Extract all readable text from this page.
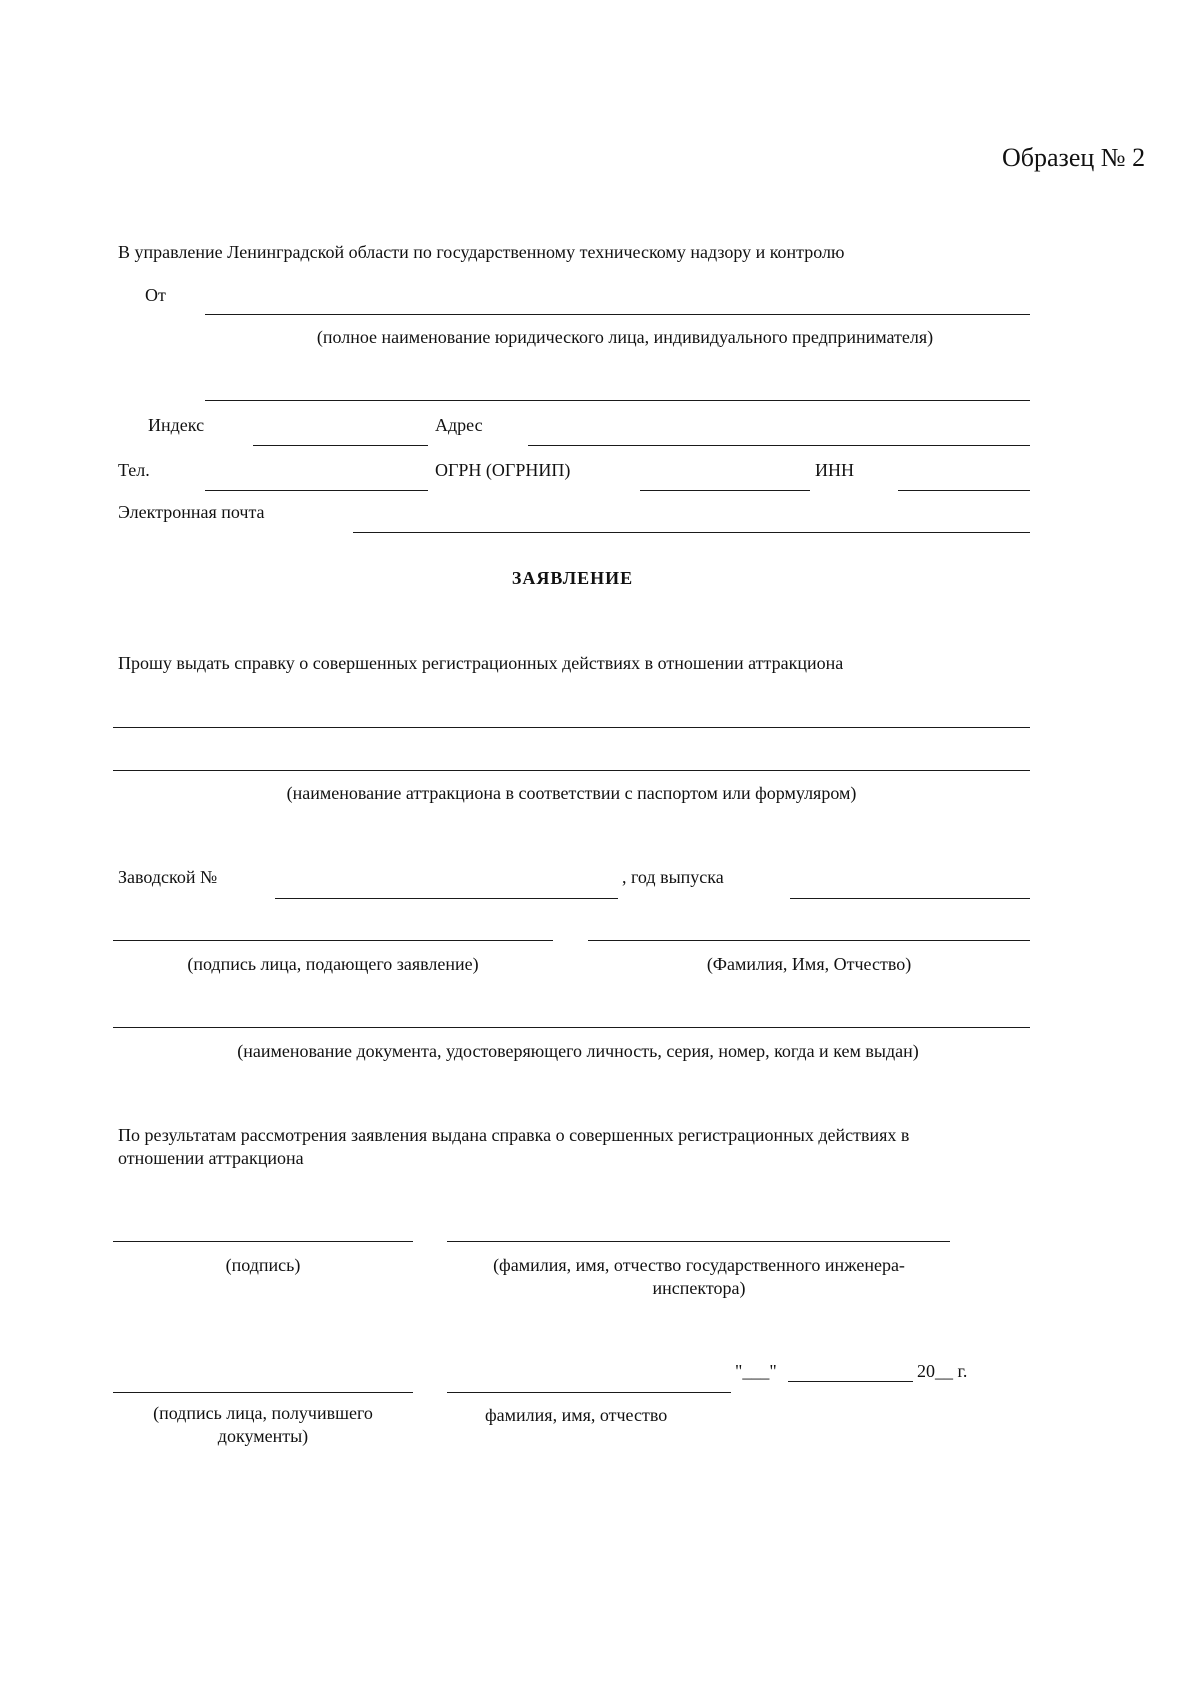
Образец № 2
В управление Ленинградской области по государственному техническому надзору и контролю
От
(полное наименование юридического лица, индивидуального предпринимателя)
Индекс	Адрес
Тел.	ОГРН (ОГРНИП)	ИНН
Электронная почта
ЗАЯВЛЕНИЕ
Прошу выдать справку о совершенных регистрационных действиях в отношении аттракциона
(наименование аттракциона в соответствии с паспортом или формуляром)
Заводской №	, год выпуска
(подпись лица, подающего заявление)	(Фамилия, Имя, Отчество)
(наименование документа, удостоверяющего личность, серия, номер, когда и кем выдан)
По результатам рассмотрения заявления выдана справка о совершенных регистрационных действиях в
отношении аттракциона
(подпись)	(фамилия, имя, отчество государственного инженера-
инспектора)
"___"	20__ г.
(подпись лица, получившего
документы)
фамилия, имя, отчество
